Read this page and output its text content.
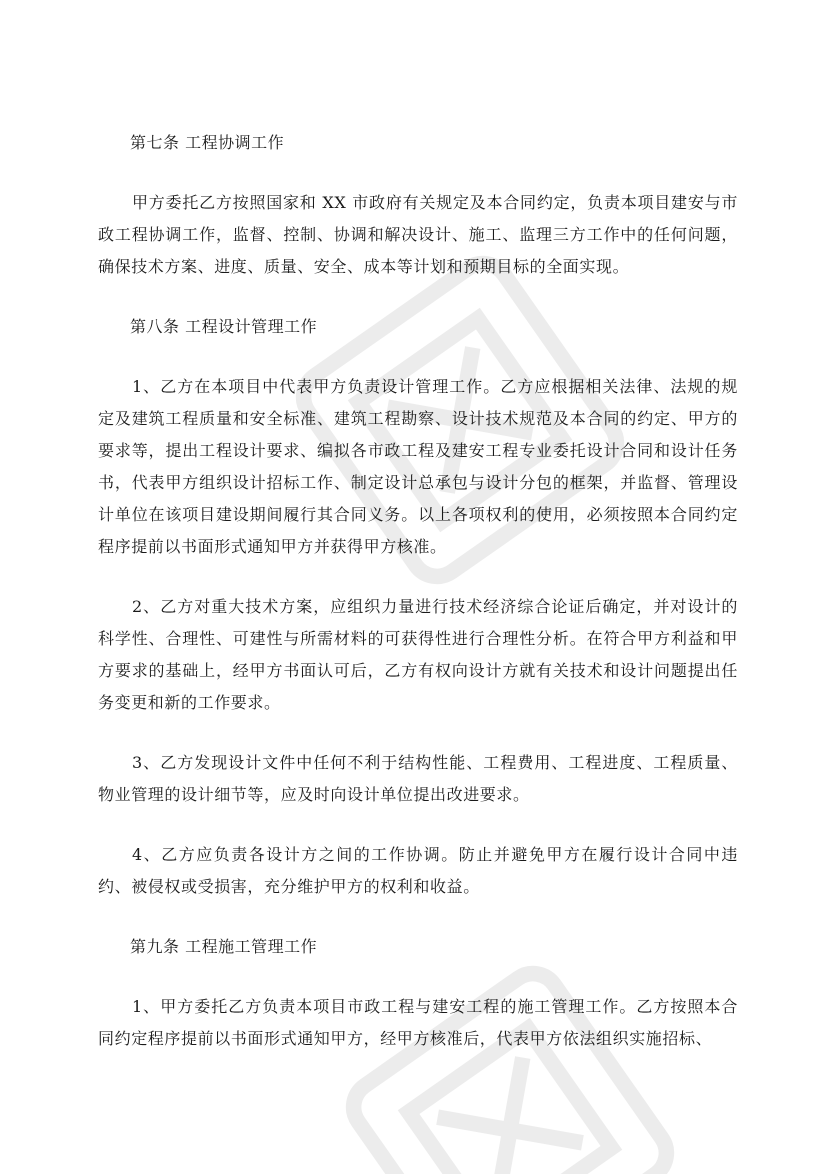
第七条 工程协调工作
甲方委托乙方按照国家和 XX 市政府有关规定及本合同约定，负责本项目建安与市政工程协调工作，监督、控制、协调和解决设计、施工、监理三方工作中的任何问题，确保技术方案、进度、质量、安全、成本等计划和预期目标的全面实现。
第八条 工程设计管理工作
1、乙方在本项目中代表甲方负责设计管理工作。乙方应根据相关法律、法规的规定及建筑工程质量和安全标准、建筑工程勘察、设计技术规范及本合同的约定、甲方的要求等，提出工程设计要求、编拟各市政工程及建安工程专业委托设计合同和设计任务书，代表甲方组织设计招标工作、制定设计总承包与设计分包的框架，并监督、管理设计单位在该项目建设期间履行其合同义务。以上各项权利的使用，必须按照本合同约定程序提前以书面形式通知甲方并获得甲方核准。
2、乙方对重大技术方案，应组织力量进行技术经济综合论证后确定，并对设计的科学性、合理性、可建性与所需材料的可获得性进行合理性分析。在符合甲方利益和甲方要求的基础上，经甲方书面认可后，乙方有权向设计方就有关技术和设计问题提出任务变更和新的工作要求。
3、乙方发现设计文件中任何不利于结构性能、工程费用、工程进度、工程质量、物业管理的设计细节等，应及时向设计单位提出改进要求。
4、乙方应负责各设计方之间的工作协调。防止并避免甲方在履行设计合同中违约、被侵权或受损害，充分维护甲方的权利和收益。
第九条 工程施工管理工作
1、甲方委托乙方负责本项目市政工程与建安工程的施工管理工作。乙方按照本合同约定程序提前以书面形式通知甲方，经甲方核准后，代表甲方依法组织实施招标、
